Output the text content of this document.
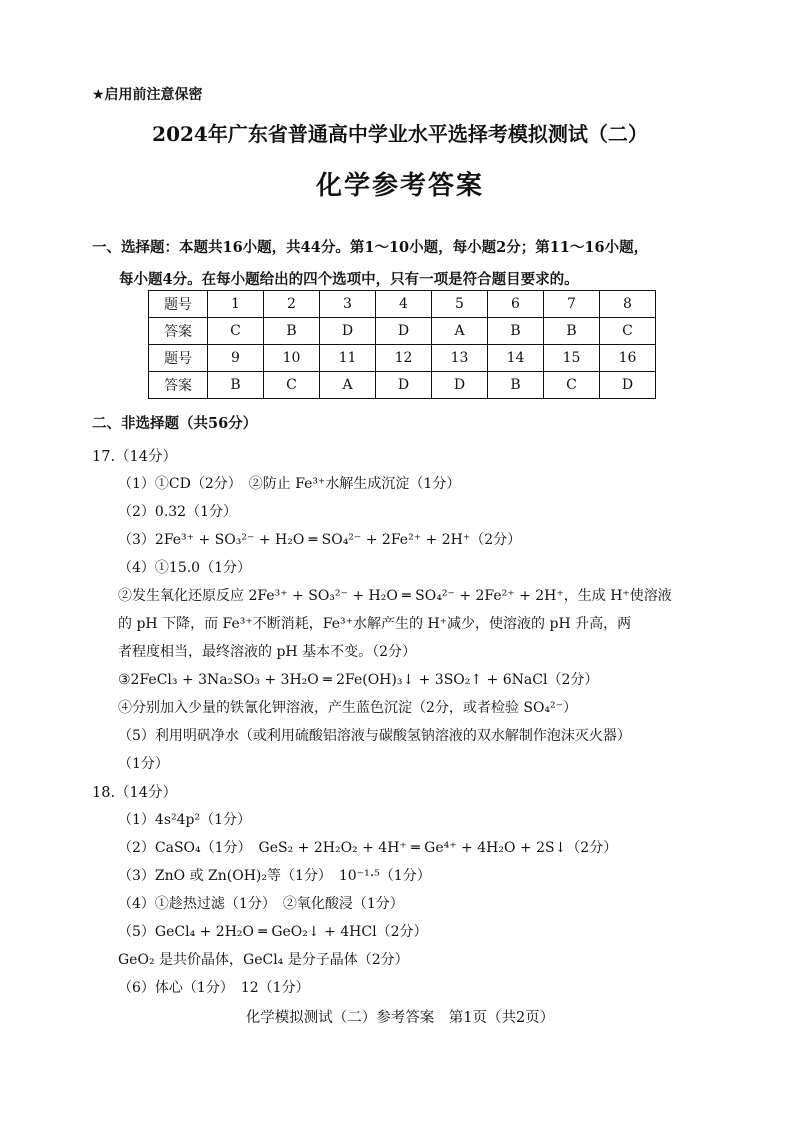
★启用前注意保密
2024年广东省普通高中学业水平选择考模拟测试（二）
化学参考答案
一、选择题：本题共16小题，共44分。第1～10小题，每小题2分；第11～16小题，
每小题4分。在每小题给出的四个选项中，只有一项是符合题目要求的。
题号	1	2	3	4	5	6	7	8
答案	C	B	D	D	A	B	B	C
题号	9	10	11	12	13	14	15	16
答案	B	C	A	D	D	B	C	D
二、非选择题（共56分）
17.（14分）
（1）①CD（2分）　②防止 Fe³⁺水解生成沉淀（1分）
（2）0.32（1分）
（3）2Fe³⁺ + SO₃²⁻ + H₂O ═ SO₄²⁻ + 2Fe²⁺ + 2H⁺（2分）
（4）①15.0（1分）
②发生氧化还原反应 2Fe³⁺ + SO₃²⁻ + H₂O ═ SO₄²⁻ + 2Fe²⁺ + 2H⁺，生成 H⁺使溶液
的 pH 下降，而 Fe³⁺不断消耗，Fe³⁺水解产生的 H⁺减少，使溶液的 pH 升高，两
者程度相当，最终溶液的 pH 基本不变。（2分）
③2FeCl₃ + 3Na₂SO₃ + 3H₂O ═ 2Fe(OH)₃↓ + 3SO₂↑ + 6NaCl（2分）
④分别加入少量的铁氰化钾溶液，产生蓝色沉淀（2分，或者检验 SO₄²⁻）
（5）利用明矾净水（或利用硫酸铝溶液与碳酸氢钠溶液的双水解制作泡沫灭火器）
（1分）
18.（14分）
（1）4s²4p²（1分）
（2）CaSO₄（1分）　GeS₂ + 2H₂O₂ + 4H⁺ ═ Ge⁴⁺ + 4H₂O + 2S↓（2分）
（3）ZnO 或 Zn(OH)₂等（1分）　10⁻¹·⁵（1分）
（4）①趁热过滤（1分）　②氧化酸浸（1分）
（5）GeCl₄ + 2H₂O ═ GeO₂↓ + 4HCl（2分）
GeO₂ 是共价晶体，GeCl₄ 是分子晶体（2分）
（6）体心（1分）　12（1分）
化学模拟测试（二）参考答案　第1页（共2页）
